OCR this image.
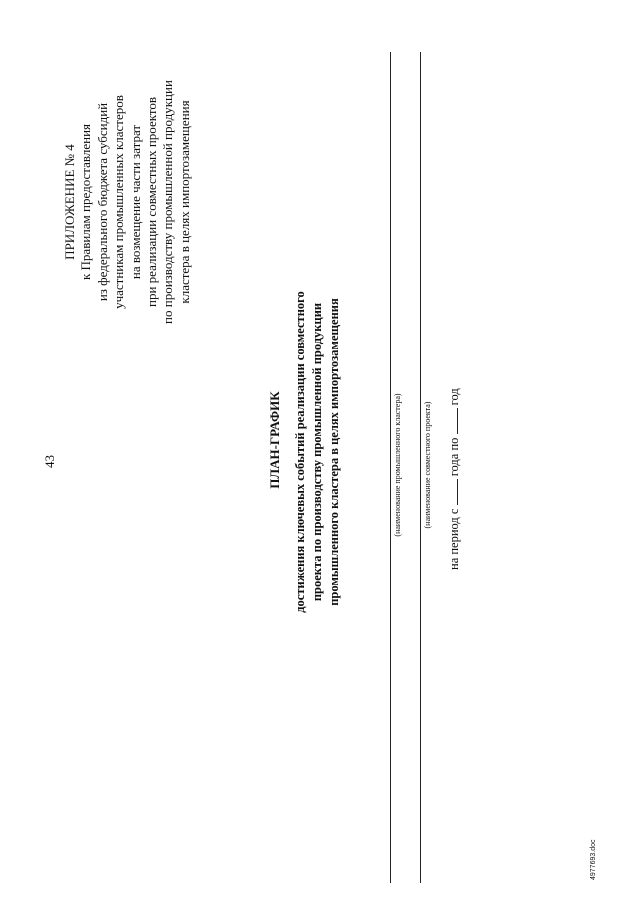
43
ПРИЛОЖЕНИЕ № 4 к Правилам предоставления из федерального бюджета субсидий участникам промышленных кластеров на возмещение части затрат при реализации совместных проектов по производству промышленной продукции кластера в целях импортозамещения
ПЛАН-ГРАФИК достижения ключевых событий реализации совместного проекта по производству промышленной продукции промышленного кластера в целях импортозамещения	(наименование промышленного кластера)	(наименование совместного проекта)
на период с  года по  год
4977693.doc
